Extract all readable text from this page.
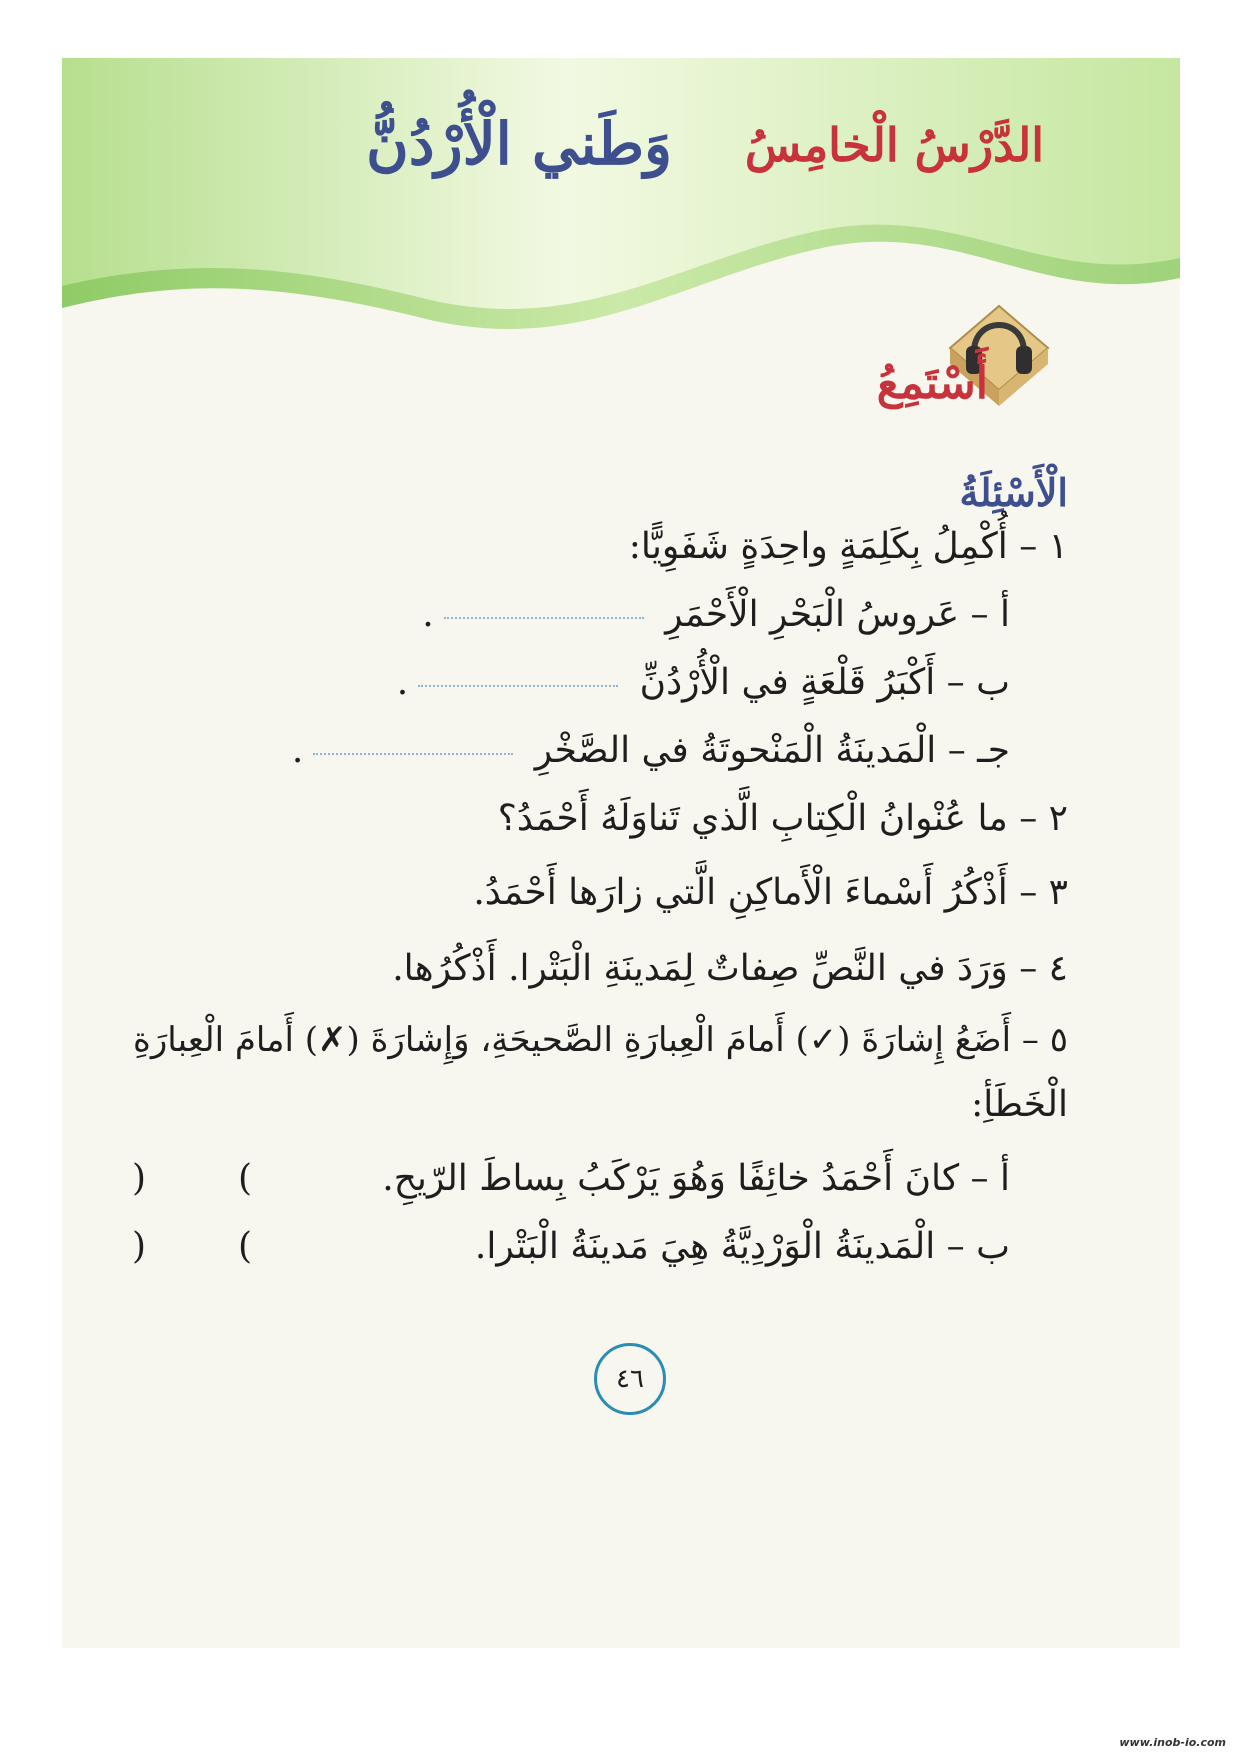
الدَّرْسُ الْخامِسُ
وَطَني الْأُرْدُنُّ
أَسْتَمِعُ
الْأَسْئِلَةُ
١ – أُكْمِلُ بِكَلِمَةٍ واحِدَةٍ شَفَوِيًّا:
أ – عَروسُ الْبَحْرِ الْأَحْمَرِ .
ب – أَكْبَرُ قَلْعَةٍ في الْأُرْدُنِّ .
جـ – الْمَدينَةُ الْمَنْحوتَةُ في الصَّخْرِ .
٢ – ما عُنْوانُ الْكِتابِ الَّذي تَناوَلَهُ أَحْمَدُ؟
٣ – أَذْكُرُ أَسْماءَ الْأَماكِنِ الَّتي زارَها أَحْمَدُ.
٤ – وَرَدَ في النَّصِّ صِفاتٌ لِمَدينَةِ الْبَتْرا. أَذْكُرُها.
٥ – أَضَعُ إِشارَةَ (✓) أَمامَ الْعِبارَةِ الصَّحيحَةِ، وَإِشارَةَ (✗) أَمامَ الْعِبارَةِ
الْخَطَأِ:
أ – كانَ أَحْمَدُ خائِفًا وَهُوَ يَرْكَبُ بِساطَ الرّيحِ.
)	(
ب – الْمَدينَةُ الْوَرْدِيَّةُ هِيَ مَدينَةُ الْبَتْرا.
)	(
٤٦
www.inob-io.com
